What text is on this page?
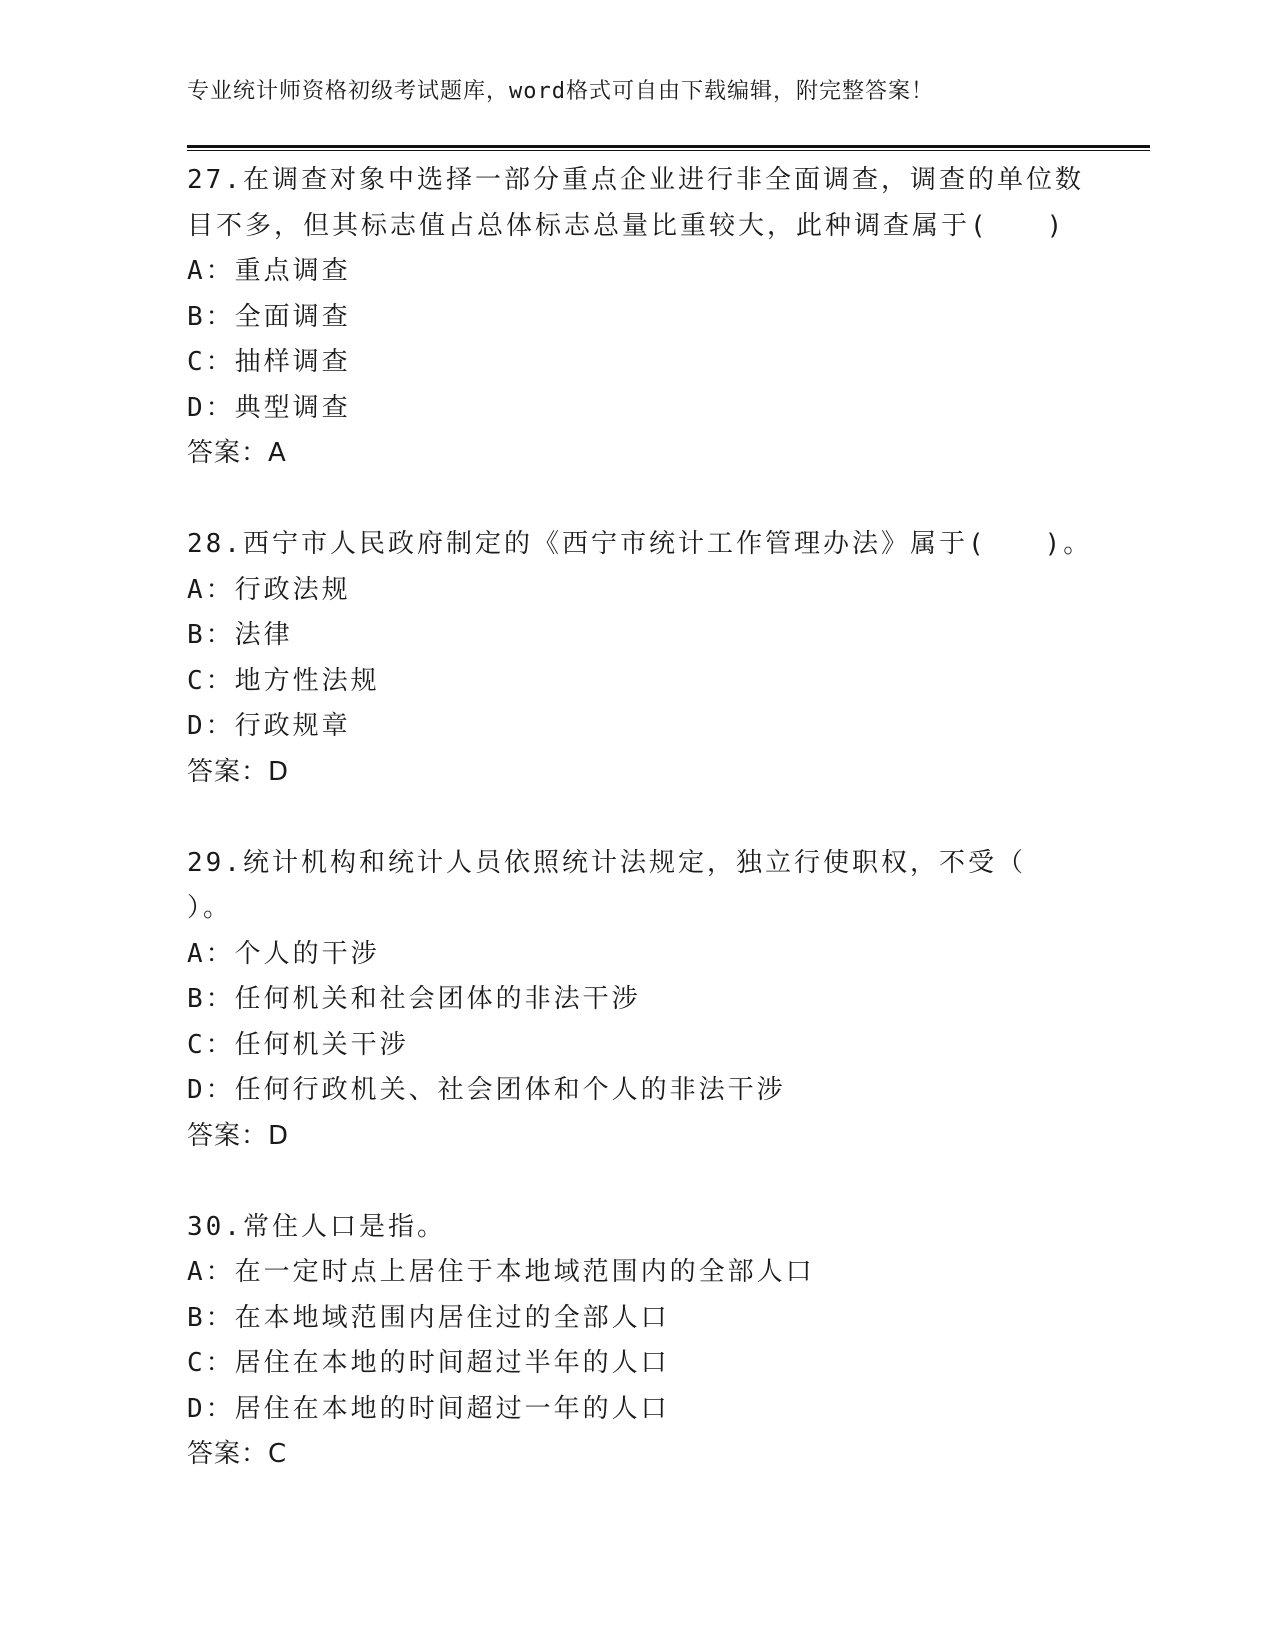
专业统计师资格初级考试题库，word格式可自由下载编辑，附完整答案！
27.在调查对象中选择一部分重点企业进行非全面调查，调查的单位数
目不多，但其标志值占总体标志总量比重较大，此种调查属于(　　)
A：重点调查
B：全面调查
C：抽样调查
D：典型调查
答案：A
28.西宁市人民政府制定的《西宁市统计工作管理办法》属于(　　)。
A：行政法规
B：法律
C：地方性法规
D：行政规章
答案：D
29.统计机构和统计人员依照统计法规定，独立行使职权，不受（
）。
A：个人的干涉
B：任何机关和社会团体的非法干涉
C：任何机关干涉
D：任何行政机关、社会团体和个人的非法干涉
答案：D
30.常住人口是指。
A：在一定时点上居住于本地域范围内的全部人口
B：在本地域范围内居住过的全部人口
C：居住在本地的时间超过半年的人口
D：居住在本地的时间超过一年的人口
答案：C
